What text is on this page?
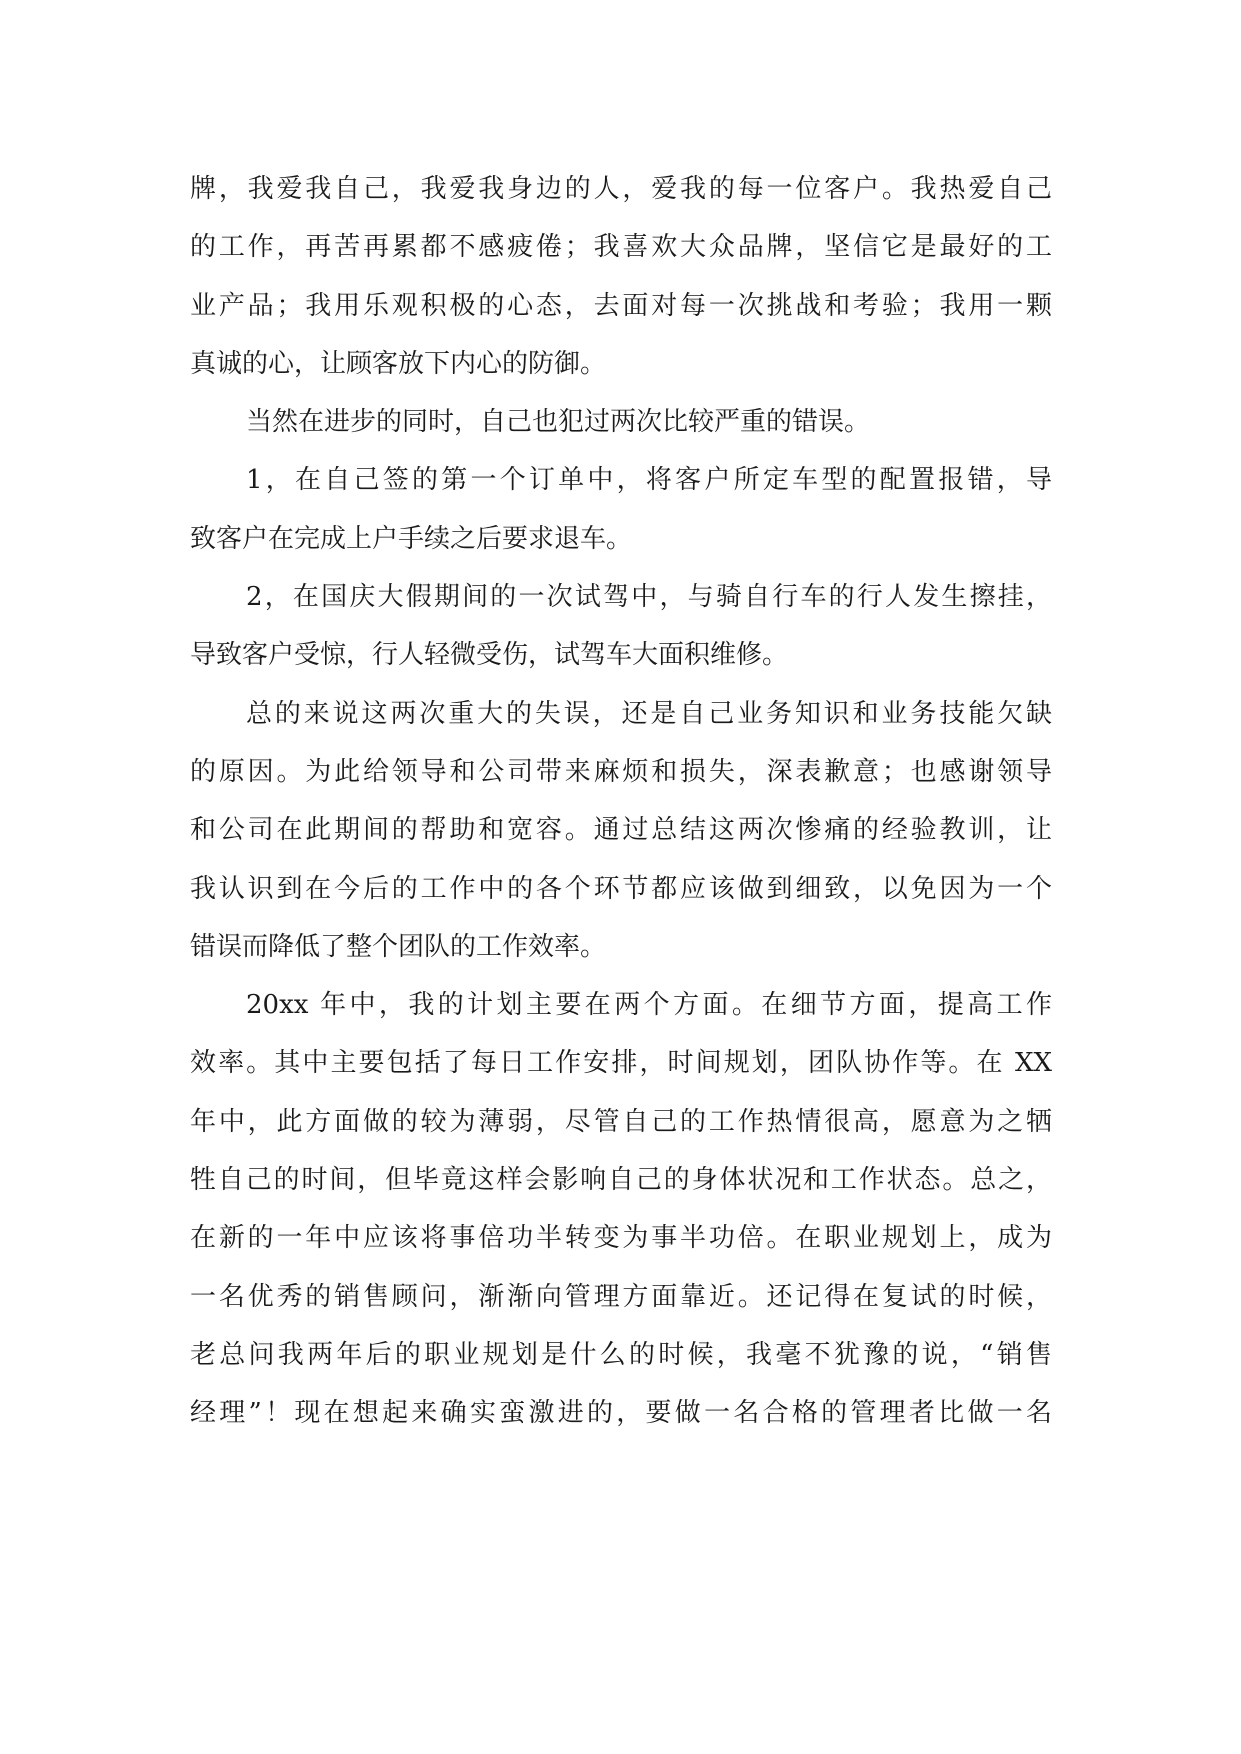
牌，我爱我自己，我爱我身边的人，爱我的每一位客户。我热爱自己
的工作，再苦再累都不感疲倦；我喜欢大众品牌，坚信它是最好的工
业产品；我用乐观积极的心态，去面对每一次挑战和考验；我用一颗
真诚的心，让顾客放下内心的防御。
当然在进步的同时，自己也犯过两次比较严重的错误。
1，在自己签的第一个订单中，将客户所定车型的配置报错，导
致客户在完成上户手续之后要求退车。
2，在国庆大假期间的一次试驾中，与骑自行车的行人发生擦挂，
导致客户受惊，行人轻微受伤，试驾车大面积维修。
总的来说这两次重大的失误，还是自己业务知识和业务技能欠缺
的原因。为此给领导和公司带来麻烦和损失，深表歉意；也感谢领导
和公司在此期间的帮助和宽容。通过总结这两次惨痛的经验教训，让
我认识到在今后的工作中的各个环节都应该做到细致，以免因为一个
错误而降低了整个团队的工作效率。
20xx 年中，我的计划主要在两个方面。在细节方面，提高工作
效率。其中主要包括了每日工作安排，时间规划，团队协作等。在 XX
年中，此方面做的较为薄弱，尽管自己的工作热情很高，愿意为之牺
牲自己的时间，但毕竟这样会影响自己的身体状况和工作状态。总之，
在新的一年中应该将事倍功半转变为事半功倍。在职业规划上，成为
一名优秀的销售顾问，渐渐向管理方面靠近。还记得在复试的时候，
老总问我两年后的职业规划是什么的时候，我毫不犹豫的说，“销售
经理”！现在想起来确实蛮激进的，要做一名合格的管理者比做一名
